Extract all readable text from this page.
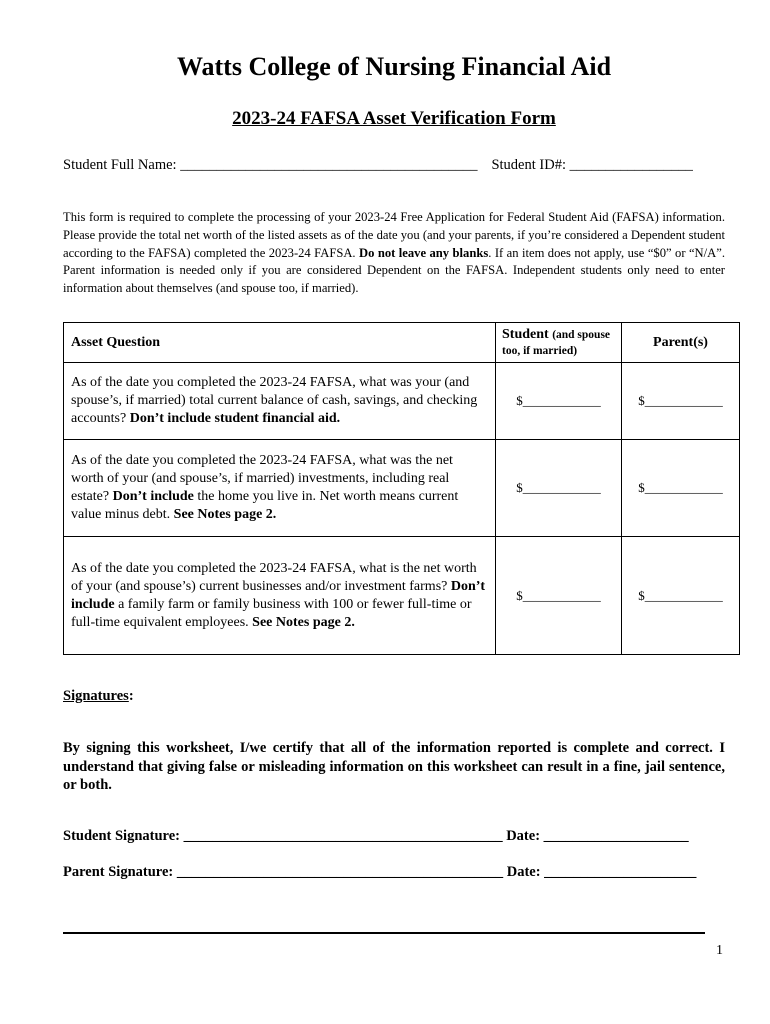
Watts College of Nursing Financial Aid
2023-24 FAFSA Asset Verification Form
Student Full Name: _________________________________________ Student ID#: _________________
This form is required to complete the processing of your 2023-24 Free Application for Federal Student Aid (FAFSA) information. Please provide the total net worth of the listed assets as of the date you (and your parents, if you’re considered a Dependent student according to the FAFSA) completed the 2023-24 FAFSA. Do not leave any blanks. If an item does not apply, use “$0” or “N/A”. Parent information is needed only if you are considered Dependent on the FAFSA. Independent students only need to enter information about themselves (and spouse too, if married).
Asset Question	Student (and spouse too, if married)	Parent(s)
As of the date you completed the 2023-24 FAFSA, what was your (and spouse’s, if married) total current balance of cash, savings, and checking accounts? Don’t include student financial aid.	$____________	$____________
As of the date you completed the 2023-24 FAFSA, what was the net worth of your (and spouse’s, if married) investments, including real estate? Don’t include the home you live in. Net worth means current value minus debt. See Notes page 2.	$____________	$____________
As of the date you completed the 2023-24 FAFSA, what is the net worth of your (and spouse’s) current businesses and/or investment farms? Don’t include a family farm or family business with 100 or fewer full-time or full-time equivalent employees. See Notes page 2.	$____________	$____________
Signatures:
By signing this worksheet, I/we certify that all of the information reported is complete and correct. I understand that giving false or misleading information on this worksheet can result in a fine, jail sentence, or both.
Student Signature: ____________________________________________ Date: ____________________
Parent Signature: _____________________________________________ Date: _____________________
1
